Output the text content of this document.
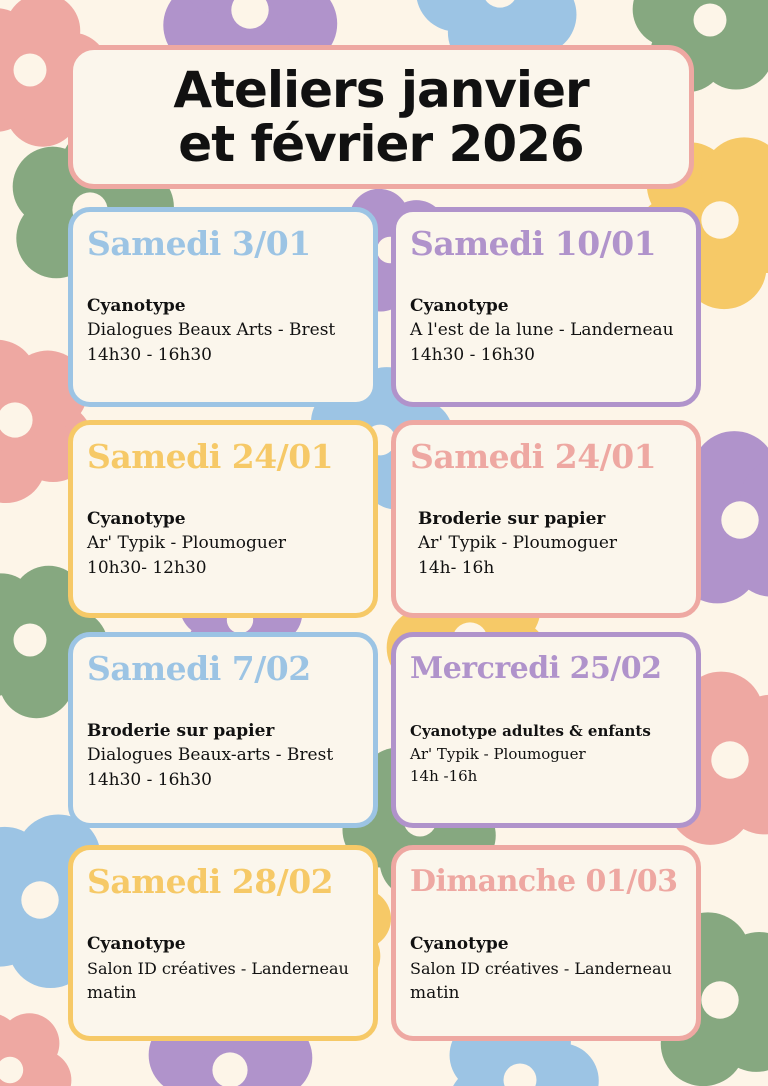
Ateliers janvier
et février 2026
Samedi 3/01
Cyanotype
Dialogues Beaux Arts - Brest
14h30 - 16h30
Samedi 10/01
Cyanotype
A l'est de la lune - Landerneau
14h30 - 16h30
Samedi 24/01
Cyanotype
Ar' Typik - Ploumoguer
10h30- 12h30
Samedi 24/01
Broderie sur papier
Ar' Typik - Ploumoguer
14h- 16h
Samedi 7/02
Broderie sur papier
Dialogues Beaux-arts - Brest
14h30 - 16h30
Mercredi 25/02
Cyanotype adultes & enfants
Ar' Typik - Ploumoguer
14h -16h
Samedi 28/02
Cyanotype
Salon ID créatives - Landerneau
matin
Dimanche 01/03
Cyanotype
Salon ID créatives - Landerneau
matin
